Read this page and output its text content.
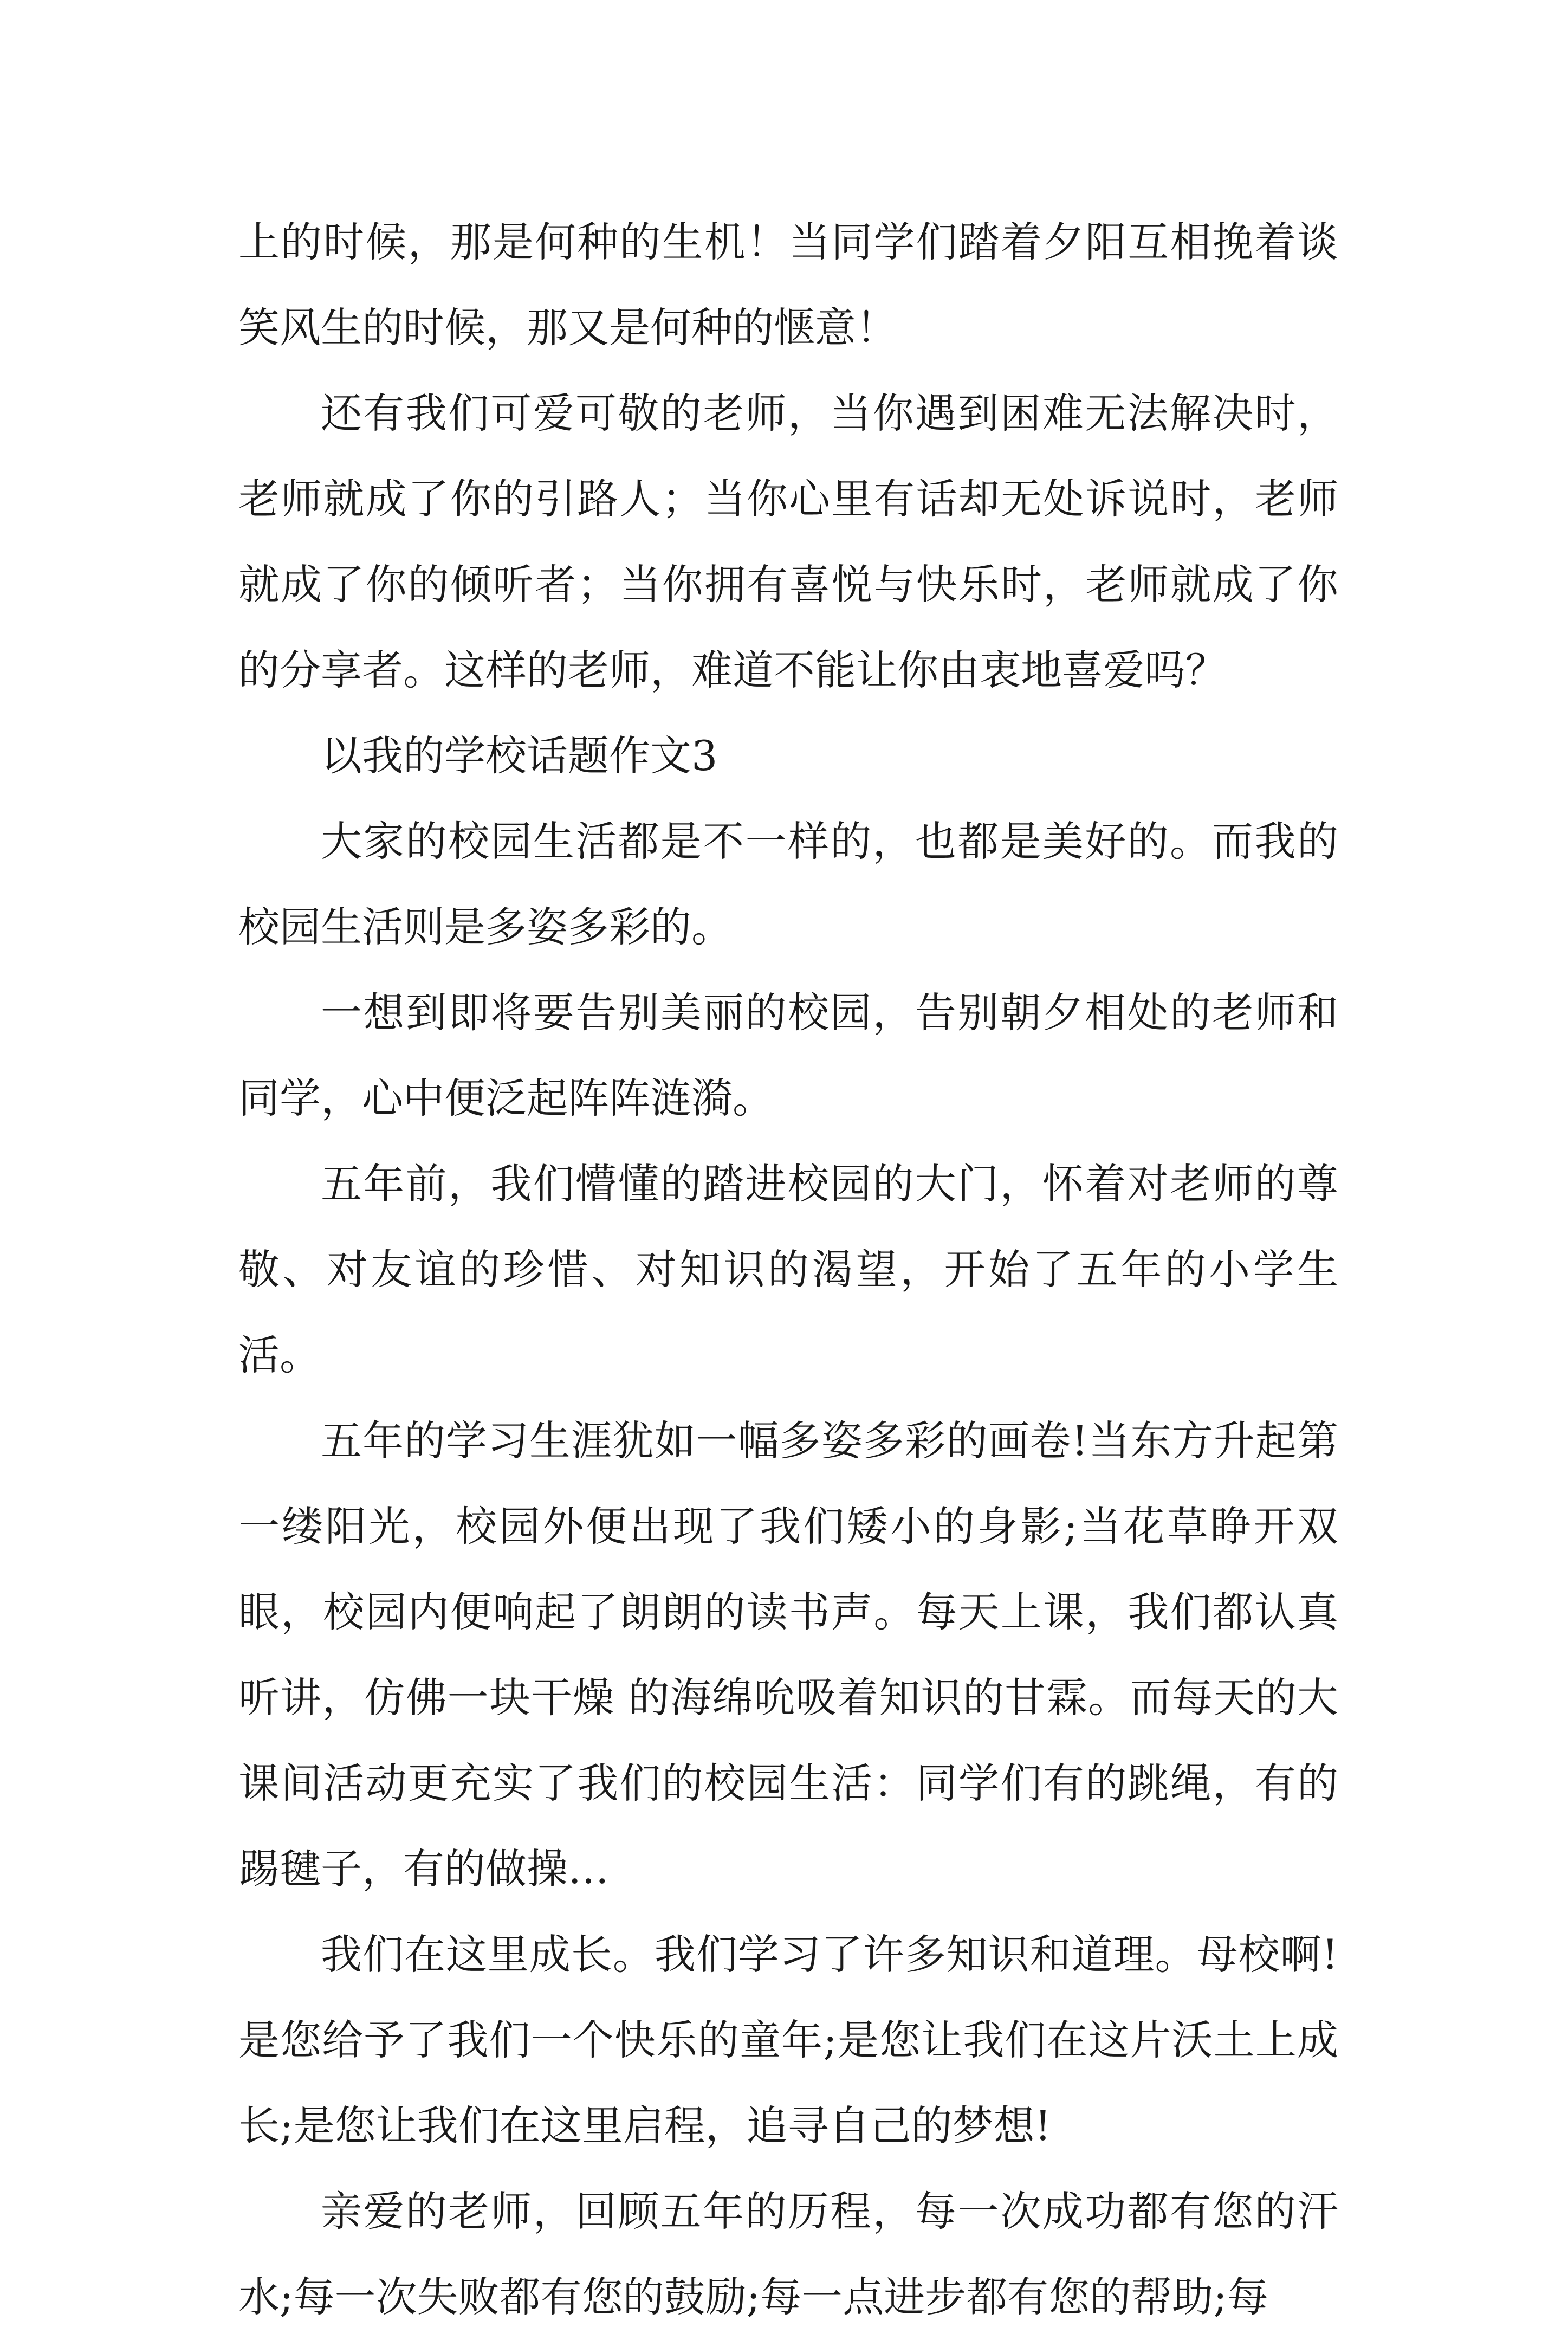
上的时候，那是何种的生机！当同学们踏着夕阳互相挽着谈笑风生的时候，那又是何种的惬意！

还有我们可爱可敬的老师，当你遇到困难无法解决时，老师就成了你的引路人；当你心里有话却无处诉说时，老师就成了你的倾听者；当你拥有喜悦与快乐时，老师就成了你的分享者。这样的老师，难道不能让你由衷地喜爱吗？

以我的学校话题作文3

大家的校园生活都是不一样的，也都是美好的。而我的校园生活则是多姿多彩的。

一想到即将要告别美丽的校园，告别朝夕相处的老师和同学，心中便泛起阵阵涟漪。

五年前，我们懵懂的踏进校园的大门，怀着对老师的尊敬、对友谊的珍惜、对知识的渴望，开始了五年的小学生活。

五年的学习生涯犹如一幅多姿多彩的画卷!当东方升起第一缕阳光，校园外便出现了我们矮小的身影;当花草睁开双眼，校园内便响起了朗朗的读书声。每天上课，我们都认真听讲，仿佛一块干燥 的海绵吮吸着知识的甘霖。而每天的大课间活动更充实了我们的校园生活：同学们有的跳绳，有的踢毽子，有的做操…

我们在这里成长。我们学习了许多知识和道理。母校啊!是您给予了我们一个快乐的童年;是您让我们在这片沃土上成长;是您让我们在这里启程，追寻自己的梦想!

亲爱的老师，回顾五年的历程，每一次成功都有您的汗水;每一次失败都有您的鼓励;每一点进步都有您的帮助;每
